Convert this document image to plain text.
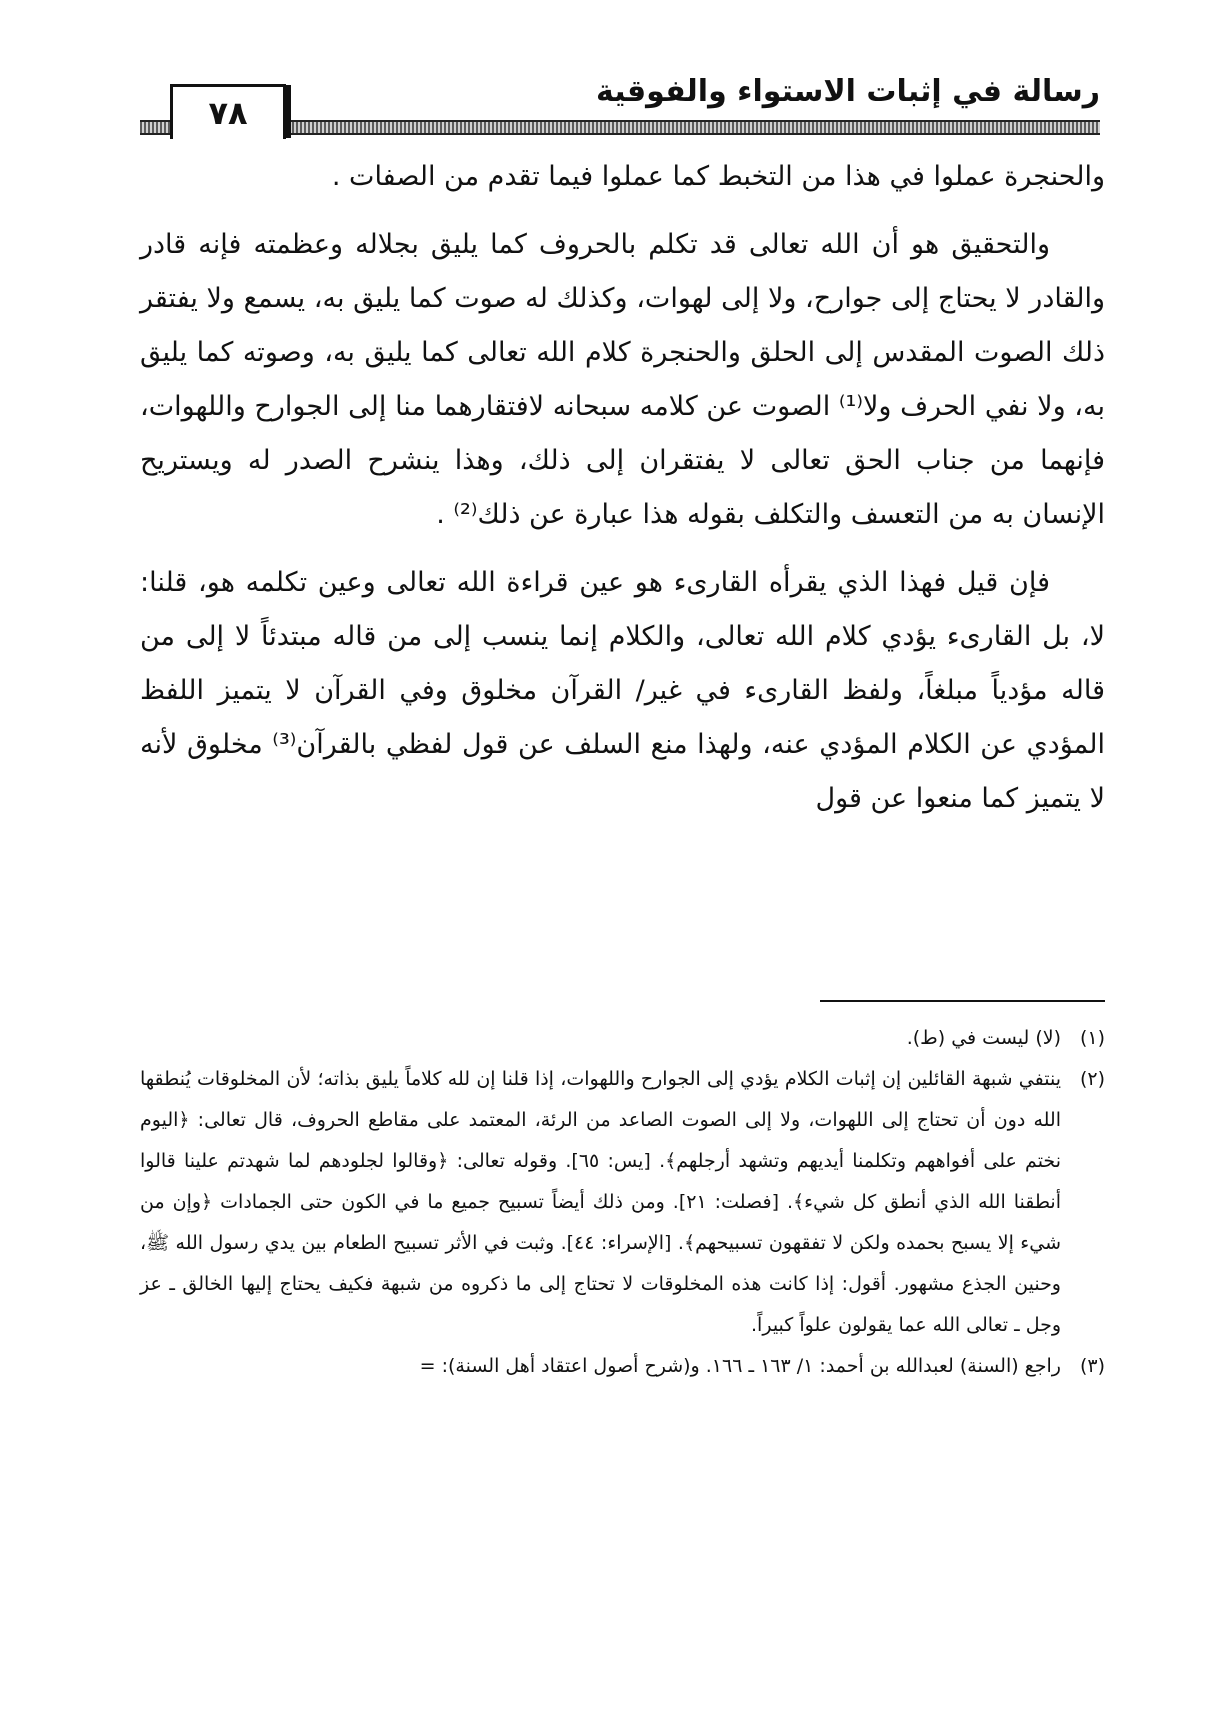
رسالة في إثبات الاستواء والفوقية
٧٨

والحنجرة عملوا في هذا من التخبط كما عملوا فيما تقدم من الصفات .

والتحقيق هو أن الله تعالى قد تكلم بالحروف كما يليق بجلاله وعظمته فإنه قادر والقادر لا يحتاج إلى جوارح، ولا إلى لهوات، وكذلك له صوت كما يليق به، يسمع ولا يفتقر ذلك الصوت المقدس إلى الحلق والحنجرة كلام الله تعالى كما يليق به، وصوته كما يليق به، ولا نفي الحرف ولا⁽¹⁾ الصوت عن كلامه سبحانه لافتقارهما منا إلى الجوارح واللهوات، فإنهما من جناب الحق تعالى لا يفتقران إلى ذلك، وهذا ينشرح الصدر له ويستريح الإنسان به من التعسف والتكلف بقوله هذا عبارة عن ذلك⁽²⁾ .

فإن قيل فهذا الذي يقرأه القارىء هو عين قراءة الله تعالى وعين تكلمه هو، قلنا: لا، بل القارىء يؤدي كلام الله تعالى، والكلام إنما ينسب إلى من قاله مبتدئاً لا إلى من قاله مؤدياً مبلغاً، ولفظ القارىء في غير/ القرآن مخلوق وفي القرآن لا يتميز اللفظ المؤدي عن الكلام المؤدي عنه، ولهذا منع السلف عن قول لفظي بالقرآن⁽³⁾ مخلوق لأنه لا يتميز كما منعوا عن قول

(١)
(لا) ليست في (ط).
(٢)
ينتفي شبهة القائلين إن إثبات الكلام يؤدي إلى الجوارح واللهوات، إذا قلنا إن لله كلاماً يليق بذاته؛ لأن المخلوقات يُنطقها الله دون أن تحتاج إلى اللهوات، ولا إلى الصوت الصاعد من الرئة، المعتمد على مقاطع الحروف، قال تعالى: ﴿اليوم نختم على أفواههم وتكلمنا أيديهم وتشهد أرجلهم﴾. [يس: ٦٥]. وقوله تعالى: ﴿وقالوا لجلودهم لما شهدتم علينا قالوا أنطقنا الله الذي أنطق كل شيء﴾. [فصلت: ٢١]. ومن ذلك أيضاً تسبيح جميع ما في الكون حتى الجمادات ﴿وإن من شيء إلا يسبح بحمده ولكن لا تفقهون تسبيحهم﴾. [الإسراء: ٤٤]. وثبت في الأثر تسبيح الطعام بين يدي رسول الله ﷺ، وحنين الجذع مشهور. أقول: إذا كانت هذه المخلوقات لا تحتاج إلى ما ذكروه من شبهة فكيف يحتاج إليها الخالق ـ عز وجل ـ تعالى الله عما يقولون علواً كبيراً.
(٣)
راجع (السنة) لعبدالله بن أحمد: ١/ ١٦٣ ـ ١٦٦. و(شرح أصول اعتقاد أهل السنة): =
